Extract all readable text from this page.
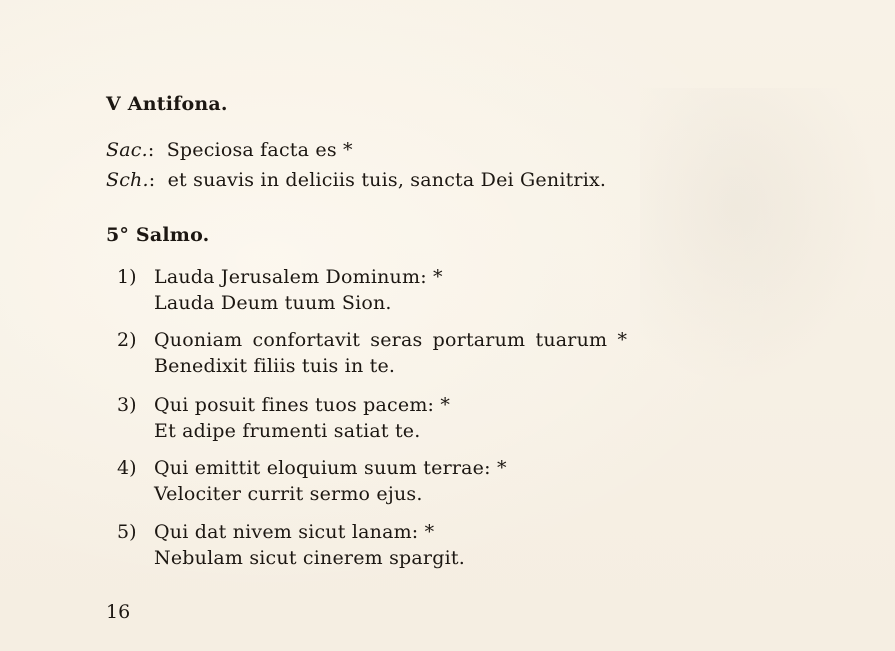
V Antifona.
Sac.: Speciosa facta es *
Sch.: et suavis in deliciis tuis, sancta Dei Genitrix.
5° Salmo.
1) Lauda Jerusalem Dominum: *
Lauda Deum tuum Sion.
2) Quoniam confortavit seras portarum tuarum *
Benedixit filiis tuis in te.
3) Qui posuit fines tuos pacem: *
Et adipe frumenti satiat te.
4) Qui emittit eloquium suum terrae: *
Velociter currit sermo ejus.
5) Qui dat nivem sicut lanam: *
Nebulam sicut cinerem spargit.
16
